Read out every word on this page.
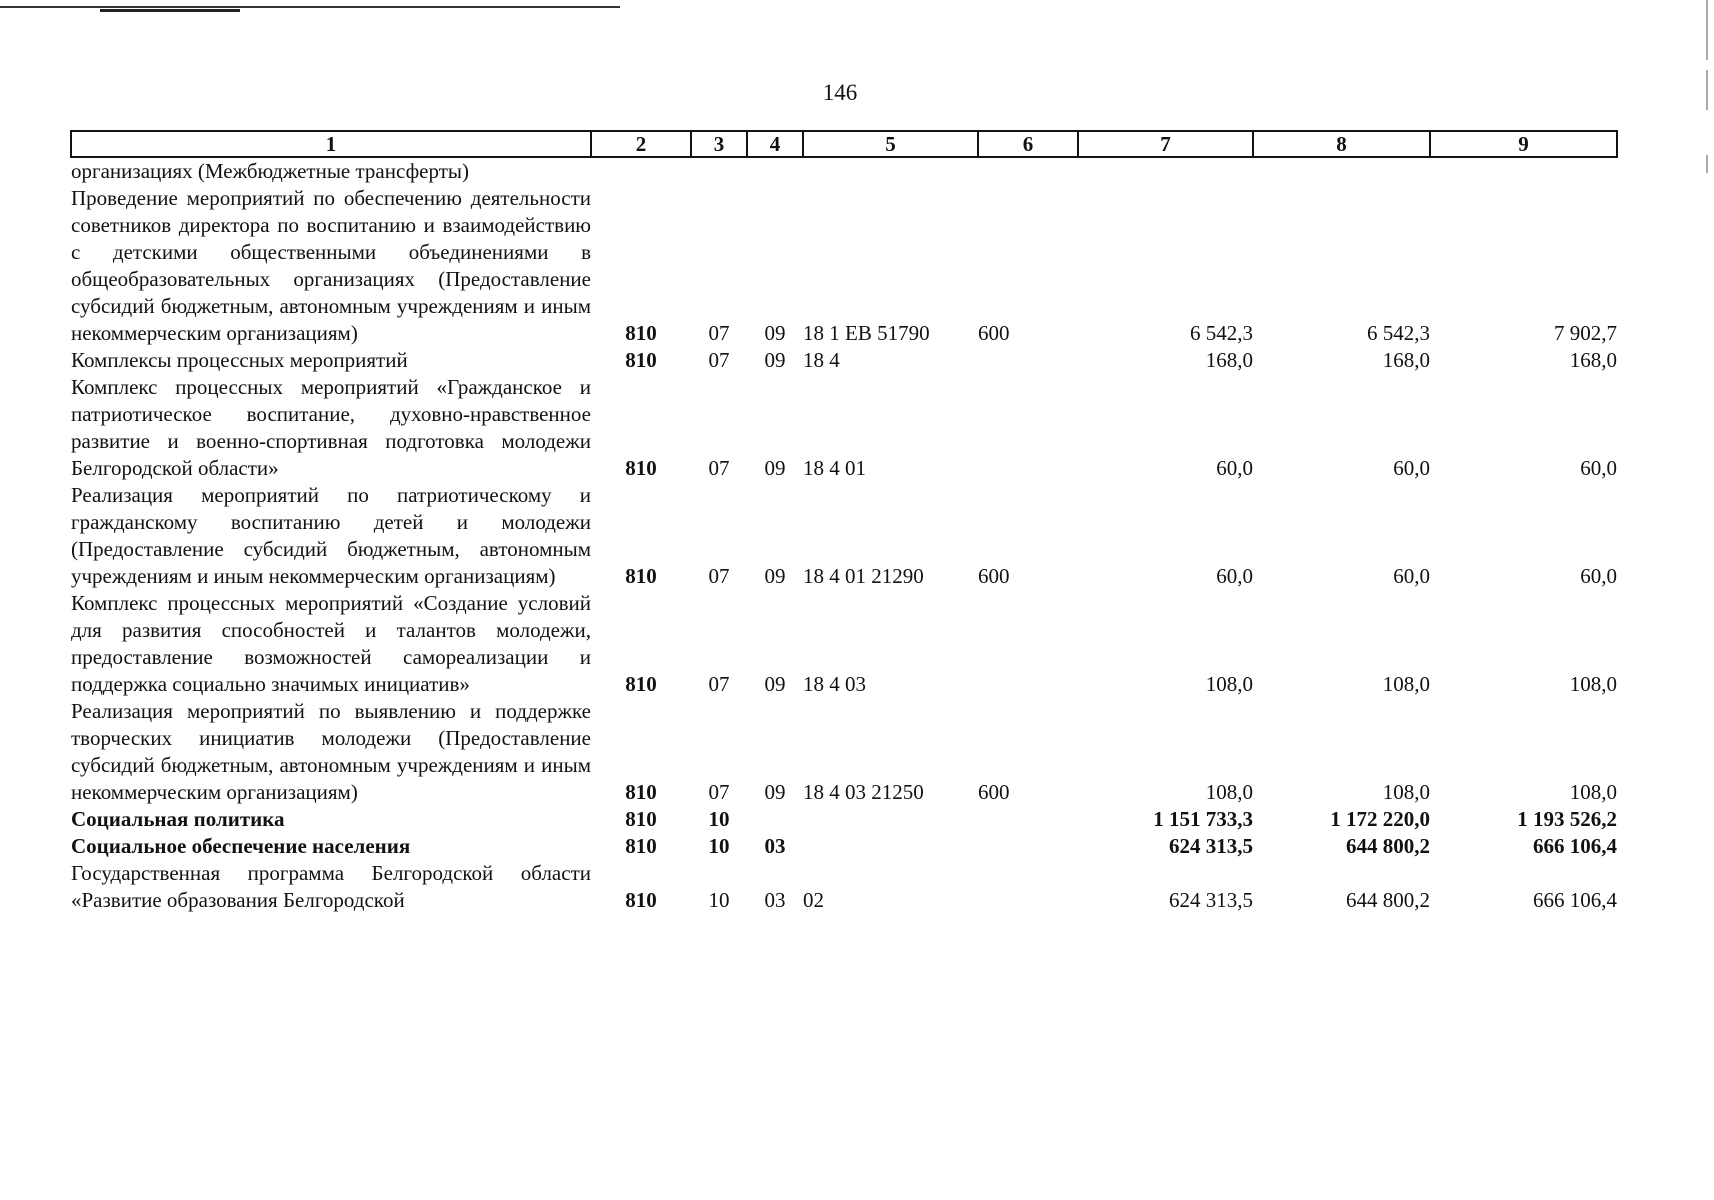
146
1	2	3	4	5	6	7	8	9
организациях (Межбюджетные трансферты)								
Проведение мероприятий по обеспечению деятельности советников директора по воспитанию и взаимодействию с детскими общественными объединениями в общеобразовательных организациях (Предоставление субсидий бюджетным, автономным учреждениям и иным некоммерческим организациям)	810	07	09	18 1 ЕВ 51790	600	6 542,3	6 542,3	7 902,7
Комплексы процессных мероприятий	810	07	09	18 4		168,0	168,0	168,0
Комплекс процессных мероприятий «Гражданское и патриотическое воспитание, духовно-нравственное развитие и военно-спортивная подготовка молодежи Белгородской области»	810	07	09	18 4 01		60,0	60,0	60,0
Реализация мероприятий по патриотическому и гражданскому воспитанию детей и молодежи (Предоставление субсидий бюджетным, автономным учреждениям и иным некоммерческим организациям)	810	07	09	18 4 01 21290	600	60,0	60,0	60,0
Комплекс процессных мероприятий «Создание условий для развития способностей и талантов молодежи, предоставление возможностей самореализации и поддержка социально значимых инициатив»	810	07	09	18 4 03		108,0	108,0	108,0
Реализация мероприятий по выявлению и поддержке творческих инициатив молодежи (Предоставление субсидий бюджетным, автономным учреждениям и иным некоммерческим организациям)	810	07	09	18 4 03 21250	600	108,0	108,0	108,0
Социальная политика	810	10				1 151 733,3	1 172 220,0	1 193 526,2
Социальное обеспечение населения	810	10	03			624 313,5	644 800,2	666 106,4
Государственная программа Белгородской области «Развитие образования Белгородской	810	10	03	02		624 313,5	644 800,2	666 106,4
